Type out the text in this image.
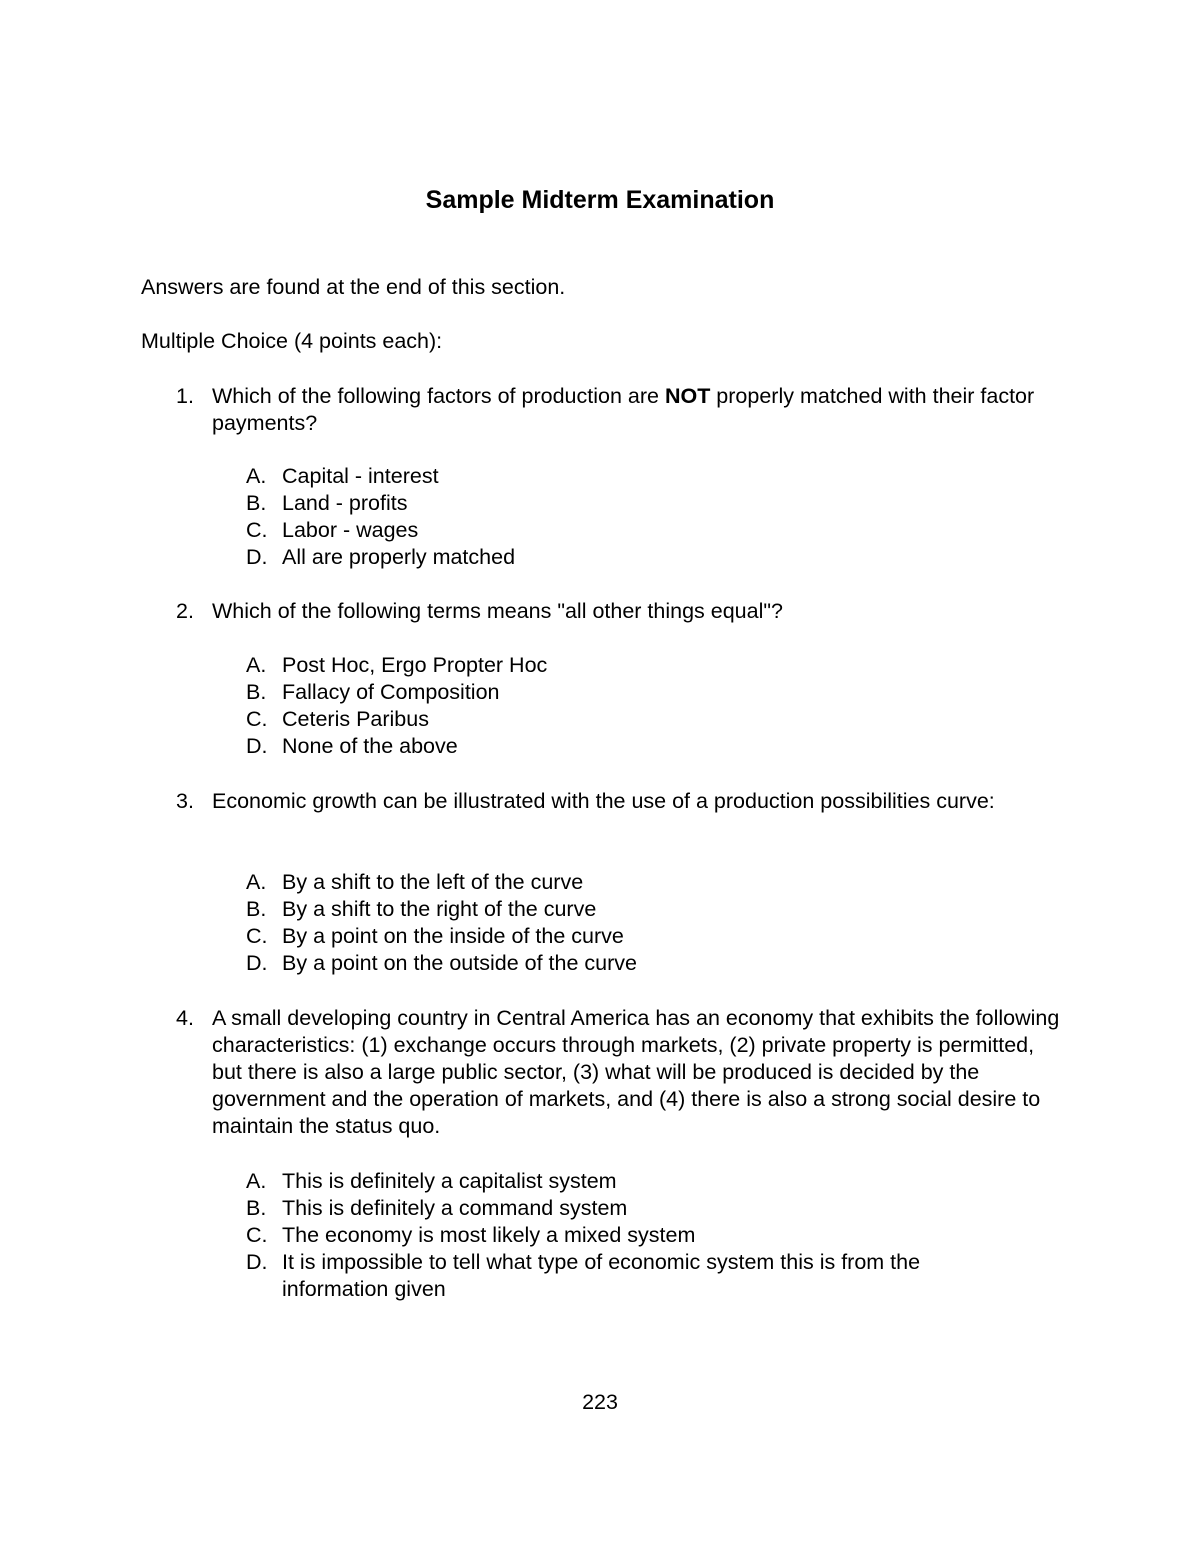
Sample Midterm Examination
Answers are found at the end of this section.
Multiple Choice (4 points each):
1. Which of the following factors of production are NOT properly matched with their factor payments?
A. Capital - interest
B. Land - profits
C. Labor - wages
D. All are properly matched
2. Which of the following terms means "all other things equal"?
A. Post Hoc, Ergo Propter Hoc
B. Fallacy of Composition
C. Ceteris Paribus
D. None of the above
3. Economic growth can be illustrated with the use of a production possibilities curve:
A. By a shift to the left of the curve
B. By a shift to the right of the curve
C. By a point on the inside of the curve
D. By a point on the outside of the curve
4. A small developing country in Central America has an economy that exhibits the following characteristics: (1) exchange occurs through markets, (2) private property is permitted, but there is also a large public sector, (3) what will be produced is decided by the government and the operation of markets, and (4) there is also a strong social desire to maintain the status quo.
A. This is definitely a capitalist system
B. This is definitely a command system
C. The economy is most likely a mixed system
D. It is impossible to tell what type of economic system this is from the information given
223
